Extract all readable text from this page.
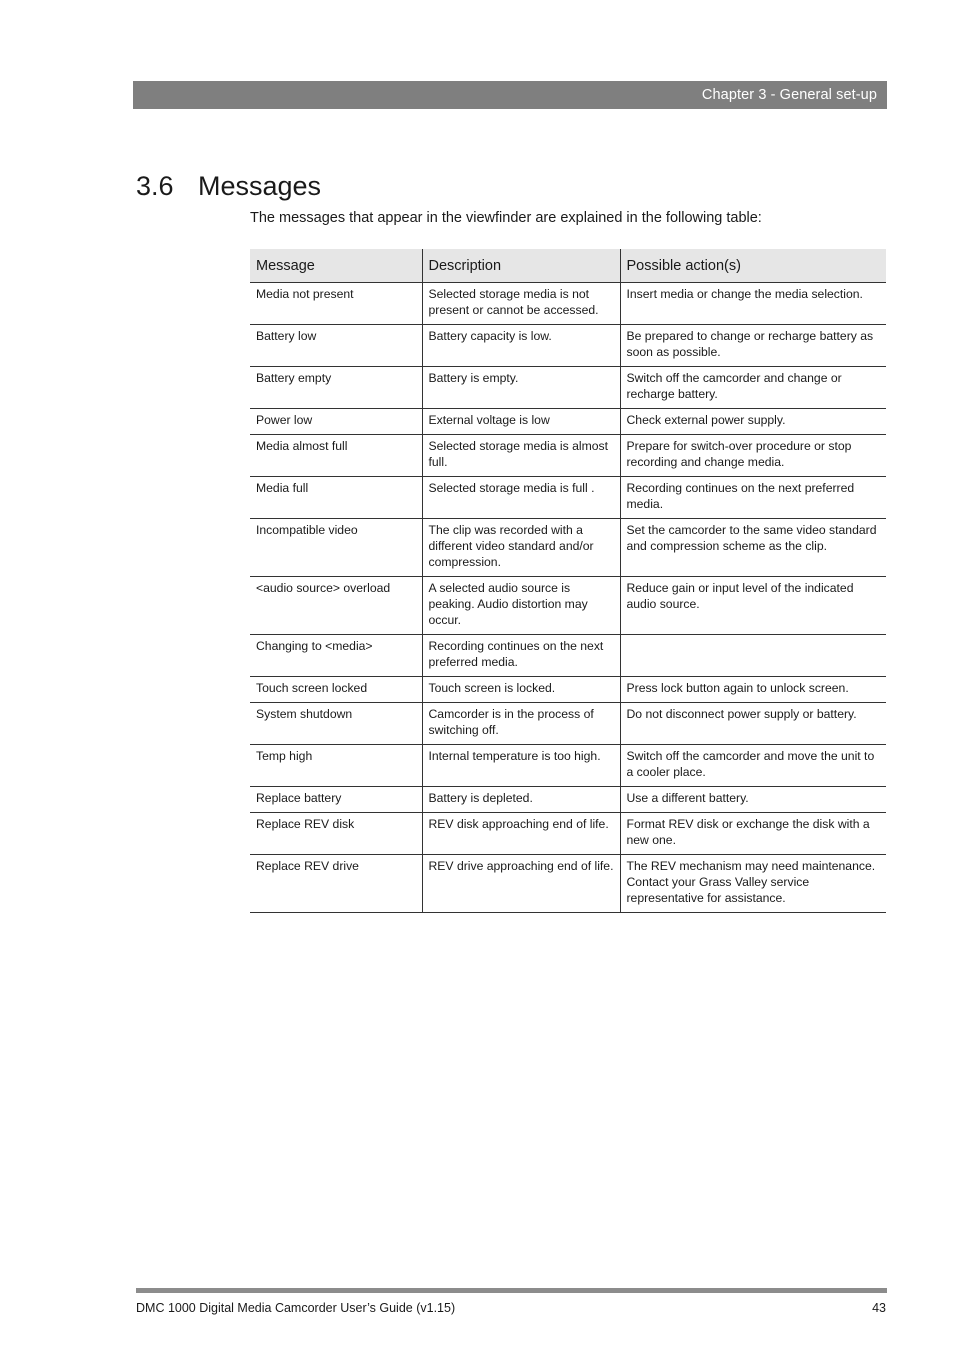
Chapter 3 - General set-up
3.6 Messages
The messages that appear in the viewfinder are explained in the following table:
Message	Description	Possible action(s)
Media not present	Selected storage media is not present or cannot be accessed.	Insert media or change the media selection.
Battery low	Battery capacity is low.	Be prepared to change or recharge battery as soon as possible.
Battery empty	Battery is empty.	Switch off the camcorder and change or recharge battery.
Power low	External voltage is low	Check external power supply.
Media almost full	Selected storage media is almost full.	Prepare for switch-over procedure or stop recording and change media.
Media full	Selected storage media is full .	Recording continues on the next preferred media.
Incompatible video	The clip was recorded with a different video standard and/or compression.	Set the camcorder to the same video standard and compression scheme as the clip.
<audio source> overload	A selected audio source is peaking. Audio distortion may occur.	Reduce gain or input level of the indicated audio source.
Changing to <media>	Recording continues on the next preferred media.	
Touch screen locked	Touch screen is locked.	Press lock button again to unlock screen.
System shutdown	Camcorder is in the process of switching off.	Do not disconnect power supply or battery.
Temp high	Internal temperature is too high.	Switch off the camcorder and move the unit to a cooler place.
Replace battery	Battery is depleted.	Use a different battery.
Replace REV disk	REV disk approaching end of life.	Format REV disk or exchange the disk with a new one.
Replace REV drive	REV drive approaching end of life.	The REV mechanism may need maintenance. Contact your Grass Valley service representative for assistance.
DMC 1000 Digital Media Camcorder User’s Guide (v1.15)	43
